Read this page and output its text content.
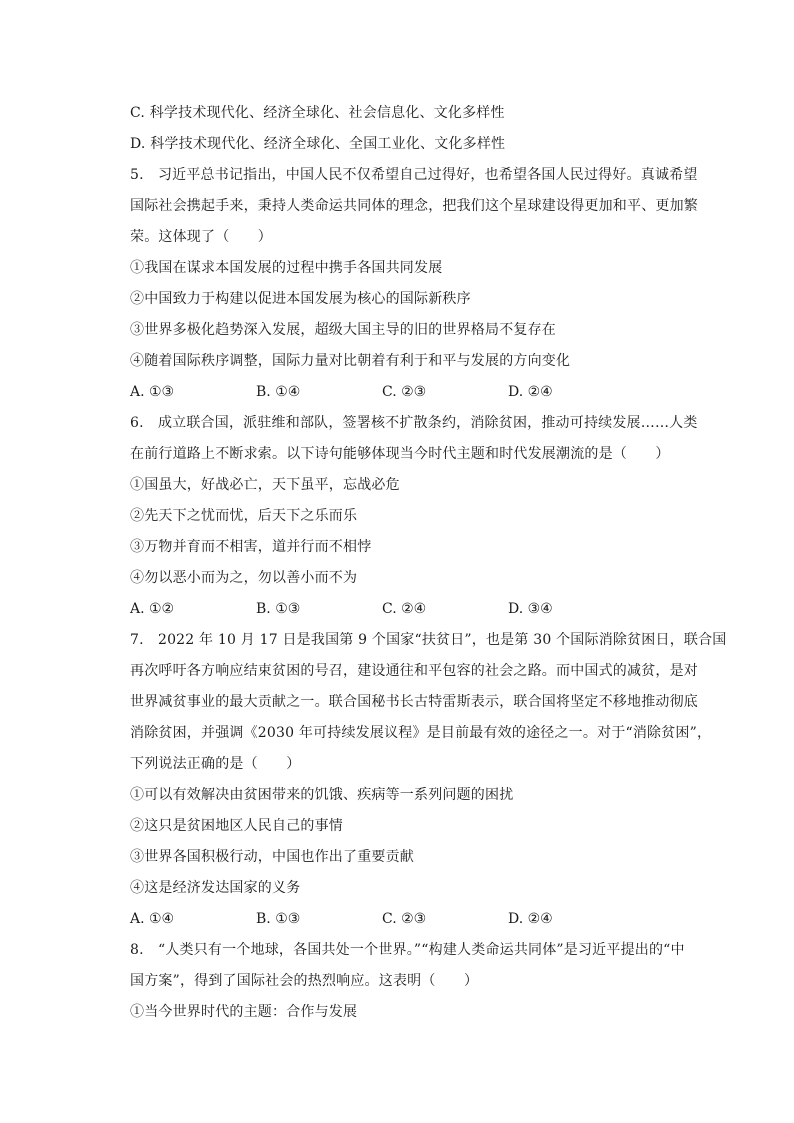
C. 科学技术现代化、经济全球化、社会信息化、文化多样性
D. 科学技术现代化、经济全球化、全国工业化、文化多样性
5.　习近平总书记指出，中国人民不仅希望自己过得好，也希望各国人民过得好。真诚希望
国际社会携起手来，秉持人类命运共同体的理念，把我们这个星球建设得更加和平、更加繁
荣。这体现了（　　）
①我国在谋求本国发展的过程中携手各国共同发展
②中国致力于构建以促进本国发展为核心的国际新秩序
③世界多极化趋势深入发展，超级大国主导的旧的世界格局不复存在
④随着国际秩序调整，国际力量对比朝着有利于和平与发展的方向变化
A. ①③	B. ①④	C. ②③	D. ②④
6.　成立联合国，派驻维和部队，签署核不扩散条约，消除贫困，推动可持续发展……人类
在前行道路上不断求索。以下诗句能够体现当今时代主题和时代发展潮流的是（　　）
①国虽大，好战必亡，天下虽平，忘战必危
②先天下之忧而忧，后天下之乐而乐
③万物并育而不相害，道并行而不相悖
④勿以恶小而为之，勿以善小而不为
A. ①②	B. ①③	C. ②④	D. ③④
7.　2022 年 10 月 17 日是我国第 9 个国家“扶贫日”，也是第 30 个国际消除贫困日，联合国
再次呼吁各方响应结束贫困的号召，建设通往和平包容的社会之路。而中国式的减贫，是对
世界减贫事业的最大贡献之一。联合国秘书长古特雷斯表示，联合国将坚定不移地推动彻底
消除贫困，并强调《2030 年可持续发展议程》是目前最有效的途径之一。对于“消除贫困”，
下列说法正确的是（　　）
①可以有效解决由贫困带来的饥饿、疾病等一系列问题的困扰
②这只是贫困地区人民自己的事情
③世界各国积极行动，中国也作出了重要贡献
④这是经济发达国家的义务
A. ①④	B. ①③	C. ②③	D. ②④
8.　“人类只有一个地球，各国共处一个世界。”“构建人类命运共同体”是习近平提出的“中
国方案”，得到了国际社会的热烈响应。这表明（　　）
①当今世界时代的主题：合作与发展
